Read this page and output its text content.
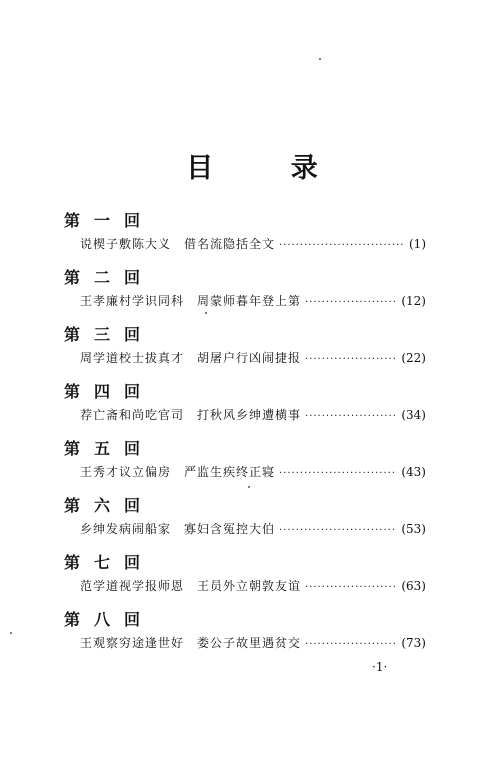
目 录
第一回
说楔子敷陈大义　借名流隐括全文 ·····	(1)
第二回
王孝廉村学识同科　周蒙师暮年登上第 ·····	(12)
第三回
周学道校士拔真才　胡屠户行凶闹捷报 ·····	(22)
第四回
荐亡斋和尚吃官司　打秋风乡绅遭横事 ·····	(34)
第五回
王秀才议立偏房　严监生疾终正寝 ·····	(43)
第六回
乡绅发病闹船家　寡妇含冤控大伯 ·····	(53)
第七回
范学道视学报师恩　王员外立朝敦友谊 ·····	(63)
第八回
王观察穷途逢世好　娄公子故里遇贫交 ·····	(73)
·1·
